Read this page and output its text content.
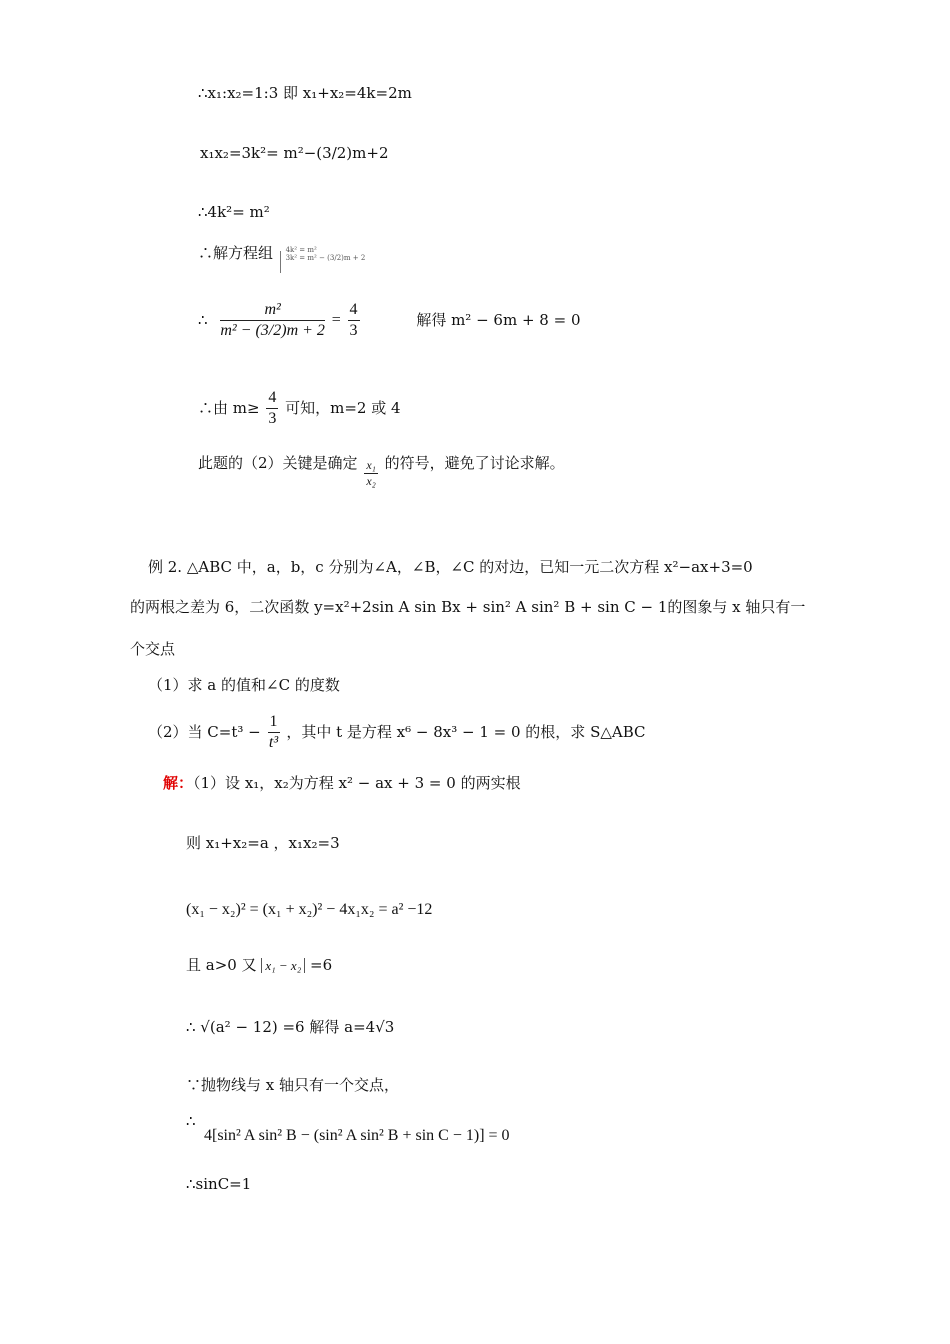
∴x₁:x₂=1:3 即 x₁+x₂=4k=2m
x₁x₂=3k²= m²−(3/2)m+2
∴4k²= m²
∴解方程组 4k² = m²
3k² = m² − (3/2)m + 2
∴ $\frac{\text{m²}}{\text{m² − (3/2)m + 2}} = \frac{4}{3}$	解得 m² − 6m + 8 = 0
∴由 $m\ge \frac{4}{3}$ 可知，m=2 或 4
此题的（2）关键是确定 $\frac{\text{x₁}}{\text{x₂}}$ 的符号，避免了讨论求解。
例 2. △ABC 中，a，b，c 分别为∠A，∠B，∠C 的对边，已知一元二次方程 x²−ax+3=0
的两根之差为 6，二次函数 y=x²+2sin A sin Bx + sin² A sin² B + sin C − 1的图象与 x 轴只有一
个交点
（1）求 a 的值和∠C 的度数
（2）当 $C=t^3 - \frac{1}{\text{t³}}$ ，其中 t 是方程 x⁶ − 8x³ − 1 = 0 的根，求 S△ABC
解：（1）设 x₁，x₂为方程 x² − ax + 3 = 0 的两实根
则 x₁+x₂=a ，x₁x₂=3
(x₁ − x₂)² = (x₁ + x₂)² − 4x₁x₂ = a² −12
且 a>0 又 x₁ − x₂ =6
∴ √(a² − 12) =6 解得 a=4√3
∵抛物线与 x 轴只有一个交点，
∴
4[sin² A sin² B − (sin² A sin² B + sin C − 1)] = 0
∴sinC=1
